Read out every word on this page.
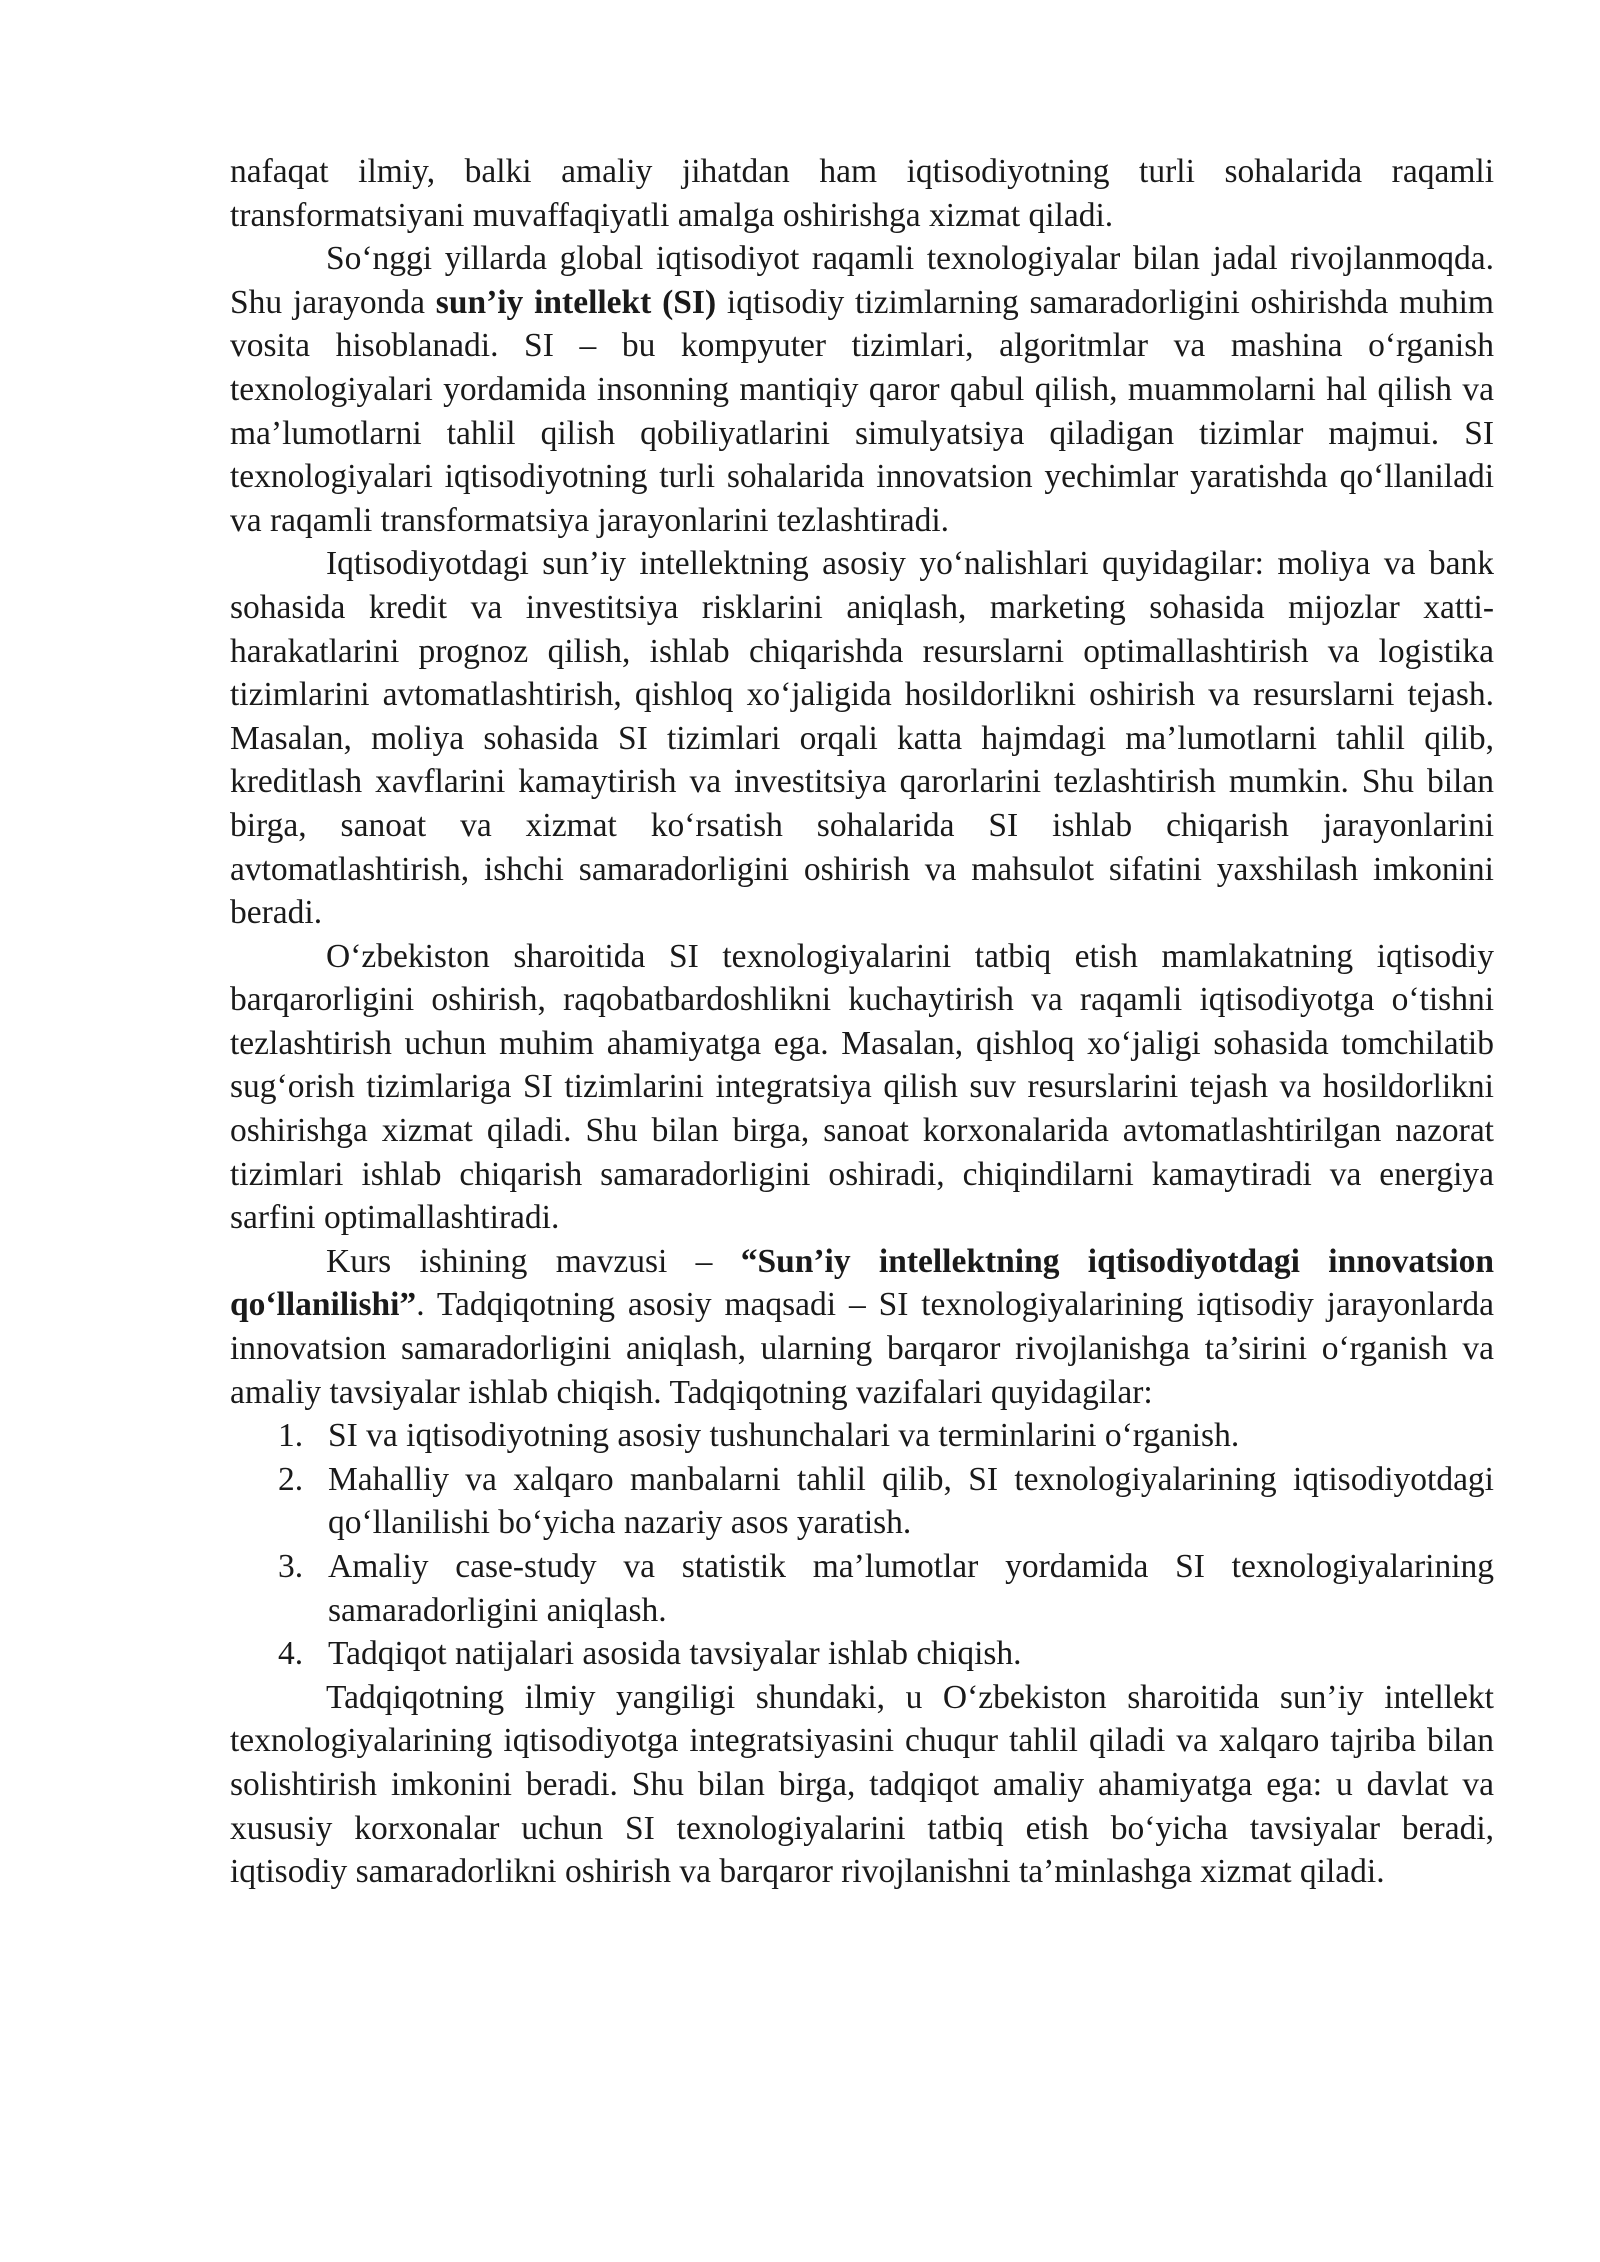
nafaqat ilmiy, balki amaliy jihatdan ham iqtisodiyotning turli sohalarida raqamli transformatsiyani muvaffaqiyatli amalga oshirishga xizmat qiladi.

So‘nggi yillarda global iqtisodiyot raqamli texnologiyalar bilan jadal rivojlanmoqda. Shu jarayonda sun’iy intellekt (SI) iqtisodiy tizimlarning samaradorligini oshirishda muhim vosita hisoblanadi. SI – bu kompyuter tizimlari, algoritmlar va mashina o‘rganish texnologiyalari yordamida insonning mantiqiy qaror qabul qilish, muammolarni hal qilish va ma’lumotlarni tahlil qilish qobiliyatlarini simulyatsiya qiladigan tizimlar majmui. SI texnologiyalari iqtisodiyotning turli sohalarida innovatsion yechimlar yaratishda qo‘llaniladi va raqamli transformatsiya jarayonlarini tezlashtiradi.

Iqtisodiyotdagi sun’iy intellektning asosiy yo‘nalishlari quyidagilar: moliya va bank sohasida kredit va investitsiya risklarini aniqlash, marketing sohasida mijozlar xatti-harakatlarini prognoz qilish, ishlab chiqarishda resurslarni optimallashtirish va logistika tizimlarini avtomatlashtirish, qishloq xo‘jaligida hosildorlikni oshirish va resurslarni tejash. Masalan, moliya sohasida SI tizimlari orqali katta hajmdagi ma’lumotlarni tahlil qilib, kreditlash xavflarini kamaytirish va investitsiya qarorlarini tezlashtirish mumkin. Shu bilan birga, sanoat va xizmat ko‘rsatish sohalarida SI ishlab chiqarish jarayonlarini avtomatlashtirish, ishchi samaradorligini oshirish va mahsulot sifatini yaxshilash imkonini beradi.

O‘zbekiston sharoitida SI texnologiyalarini tatbiq etish mamlakatning iqtisodiy barqarorligini oshirish, raqobatbardoshlikni kuchaytirish va raqamli iqtisodiyotga o‘tishni tezlashtirish uchun muhim ahamiyatga ega. Masalan, qishloq xo‘jaligi sohasida tomchilatib sug‘orish tizimlariga SI tizimlarini integratsiya qilish suv resurslarini tejash va hosildorlikni oshirishga xizmat qiladi. Shu bilan birga, sanoat korxonalarida avtomatlashtirilgan nazorat tizimlari ishlab chiqarish samaradorligini oshiradi, chiqindilarni kamaytiradi va energiya sarfini optimallashtiradi.

Kurs ishining mavzusi – “Sun’iy intellektning iqtisodiyotdagi innovatsion qo‘llanilishi”. Tadqiqotning asosiy maqsadi – SI texnologiyalarining iqtisodiy jarayonlarda innovatsion samaradorligini aniqlash, ularning barqaror rivojlanishga ta’sirini o‘rganish va amaliy tavsiyalar ishlab chiqish. Tadqiqotning vazifalari quyidagilar:

1. SI va iqtisodiyotning asosiy tushunchalari va terminlarini o‘rganish.
2. Mahalliy va xalqaro manbalarni tahlil qilib, SI texnologiyalarining iqtisodiyotdagi qo‘llanilishi bo‘yicha nazariy asos yaratish.
3. Amaliy case-study va statistik ma’lumotlar yordamida SI texnologiyalarining samaradorligini aniqlash.
4. Tadqiqot natijalari asosida tavsiyalar ishlab chiqish.

Tadqiqotning ilmiy yangiligi shundaki, u O‘zbekiston sharoitida sun’iy intellekt texnologiyalarining iqtisodiyotga integratsiyasini chuqur tahlil qiladi va xalqaro tajriba bilan solishtirish imkonini beradi. Shu bilan birga, tadqiqot amaliy ahamiyatga ega: u davlat va xususiy korxonalar uchun SI texnologiyalarini tatbiq etish bo‘yicha tavsiyalar beradi, iqtisodiy samaradorlikni oshirish va barqaror rivojlanishni ta’minlashga xizmat qiladi.
